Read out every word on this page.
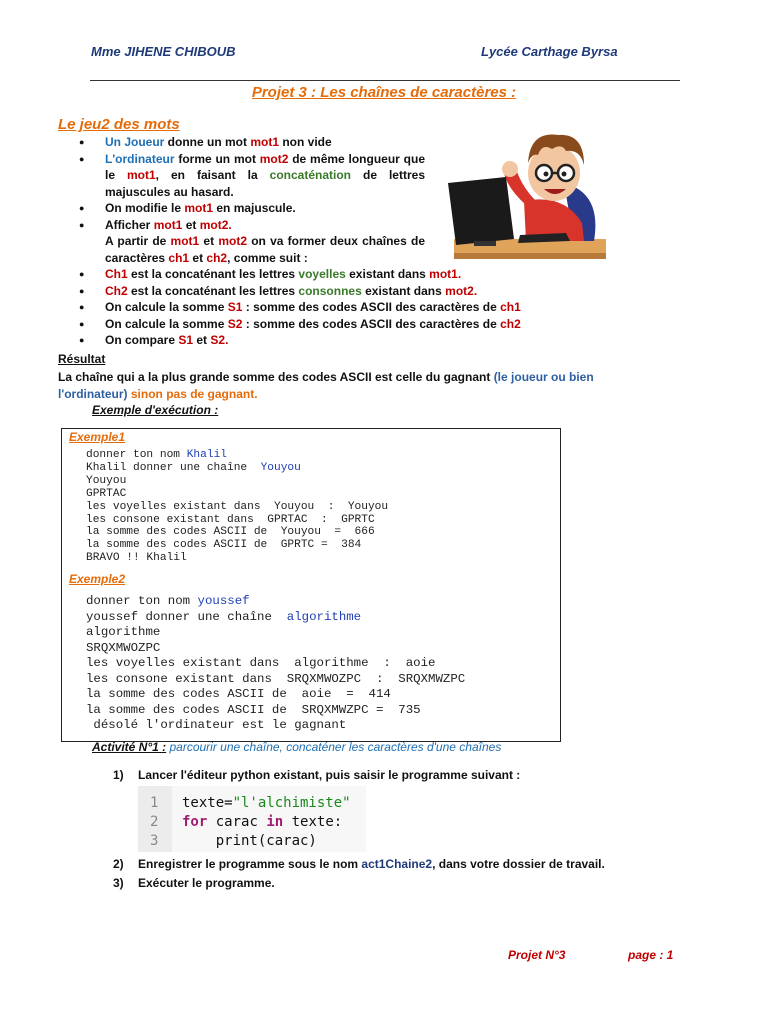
Mme JIHENE CHIBOUB	Lycée Carthage Byrsa
Projet 3 : Les chaînes de caractères :
Le jeu2 des mots
● Un Joueur donne un mot mot1 non vide
● L'ordinateur forme un mot mot2 de même longueur que le mot1, en faisant la concaténation de lettres majuscules au hasard.
● On modifie le mot1 en majuscule.
● Afficher mot1 et mot2.
A partir de mot1 et mot2 on va former deux chaînes de caractères ch1 et ch2, comme suit :
● Ch1 est la concaténant les lettres voyelles existant dans mot1.
● Ch2 est la concaténant les lettres consonnes existant dans mot2.
● On calcule la somme S1 : somme des codes ASCII des caractères de ch1
● On calcule la somme S2 : somme des codes ASCII des caractères de ch2
● On compare S1 et S2.
Résultat
La chaîne qui a la plus grande somme des codes ASCII est celle du gagnant (le joueur ou bien l'ordinateur) sinon pas de gagnant.
Exemple d'exécution :
Exemple1
donner ton nom Khalil
Khalil donner une chaîne  Youyou
Youyou
GPRTAC
les voyelles existant dans  Youyou  :  Youyou
les consone existant dans  GPRTAC  :  GPRTC
la somme des codes ASCII de  Youyou  =  666
la somme des codes ASCII de  GPRTC =  384
BRAVO !! Khalil
Exemple2
donner ton nom youssef
youssef donner une chaîne  algorithme
algorithme
SRQXMWOZPC
les voyelles existant dans  algorithme  :  aoie
les consone existant dans  SRQXMWOZPC  :  SRQXMWZPC
la somme des codes ASCII de  aoie  =  414
la somme des codes ASCII de  SRQXMWZPC =  735
désolé l'ordinateur est le gagnant
Activité N°1 : parcourir une chaîne, concaténer les caractères d'une chaînes
1) Lancer l'éditeur python existant, puis saisir le programme suivant :
1
2
3
texte="l'alchimiste"
for carac in texte:
print(carac)
2) Enregistrer le programme sous le nom act1Chaine2, dans votre dossier de travail.
3) Exécuter le programme.
Projet N°3	page : 1
